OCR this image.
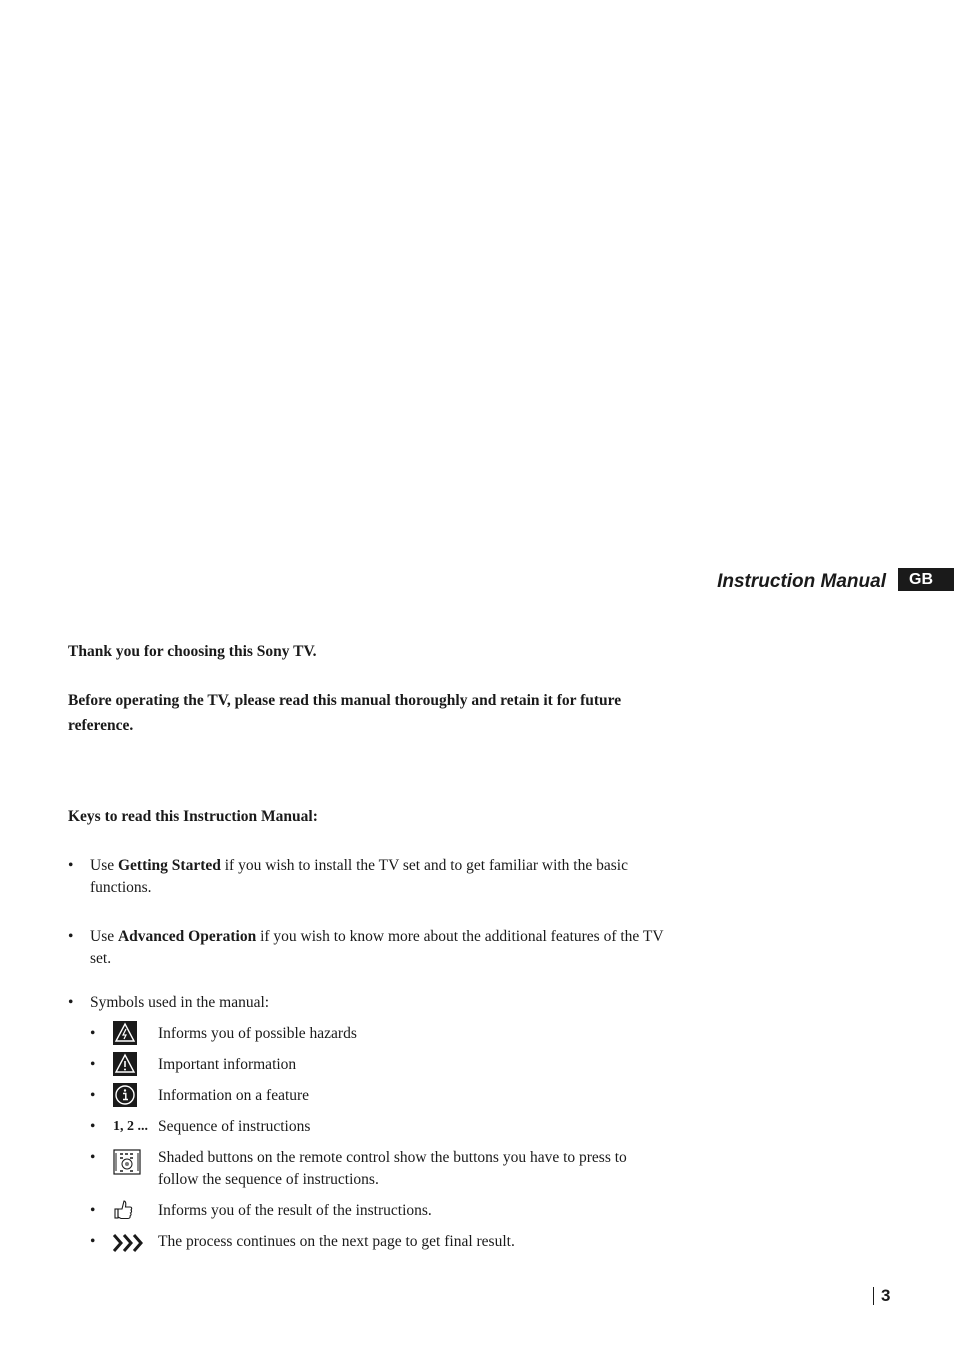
Instruction Manual	GB
Thank you for choosing this Sony TV.
Before operating the TV, please read this manual thoroughly and retain it for future reference.
Keys to read this Instruction Manual:
• Use Getting Started if you wish to install the TV set and to get familiar with the basic functions.
• Use Advanced Operation if you wish to know more about the additional features of the TV set.
• Symbols used in the manual:
•	Informs you of possible hazards
•	Important information
•	Information on a feature
• 1, 2 ... Sequence of instructions
•	Shaded buttons on the remote control show the buttons you have to press to follow the sequence of instructions.
•	Informs you of the result of the instructions.
•	The process continues on the next page to get final result.
3
